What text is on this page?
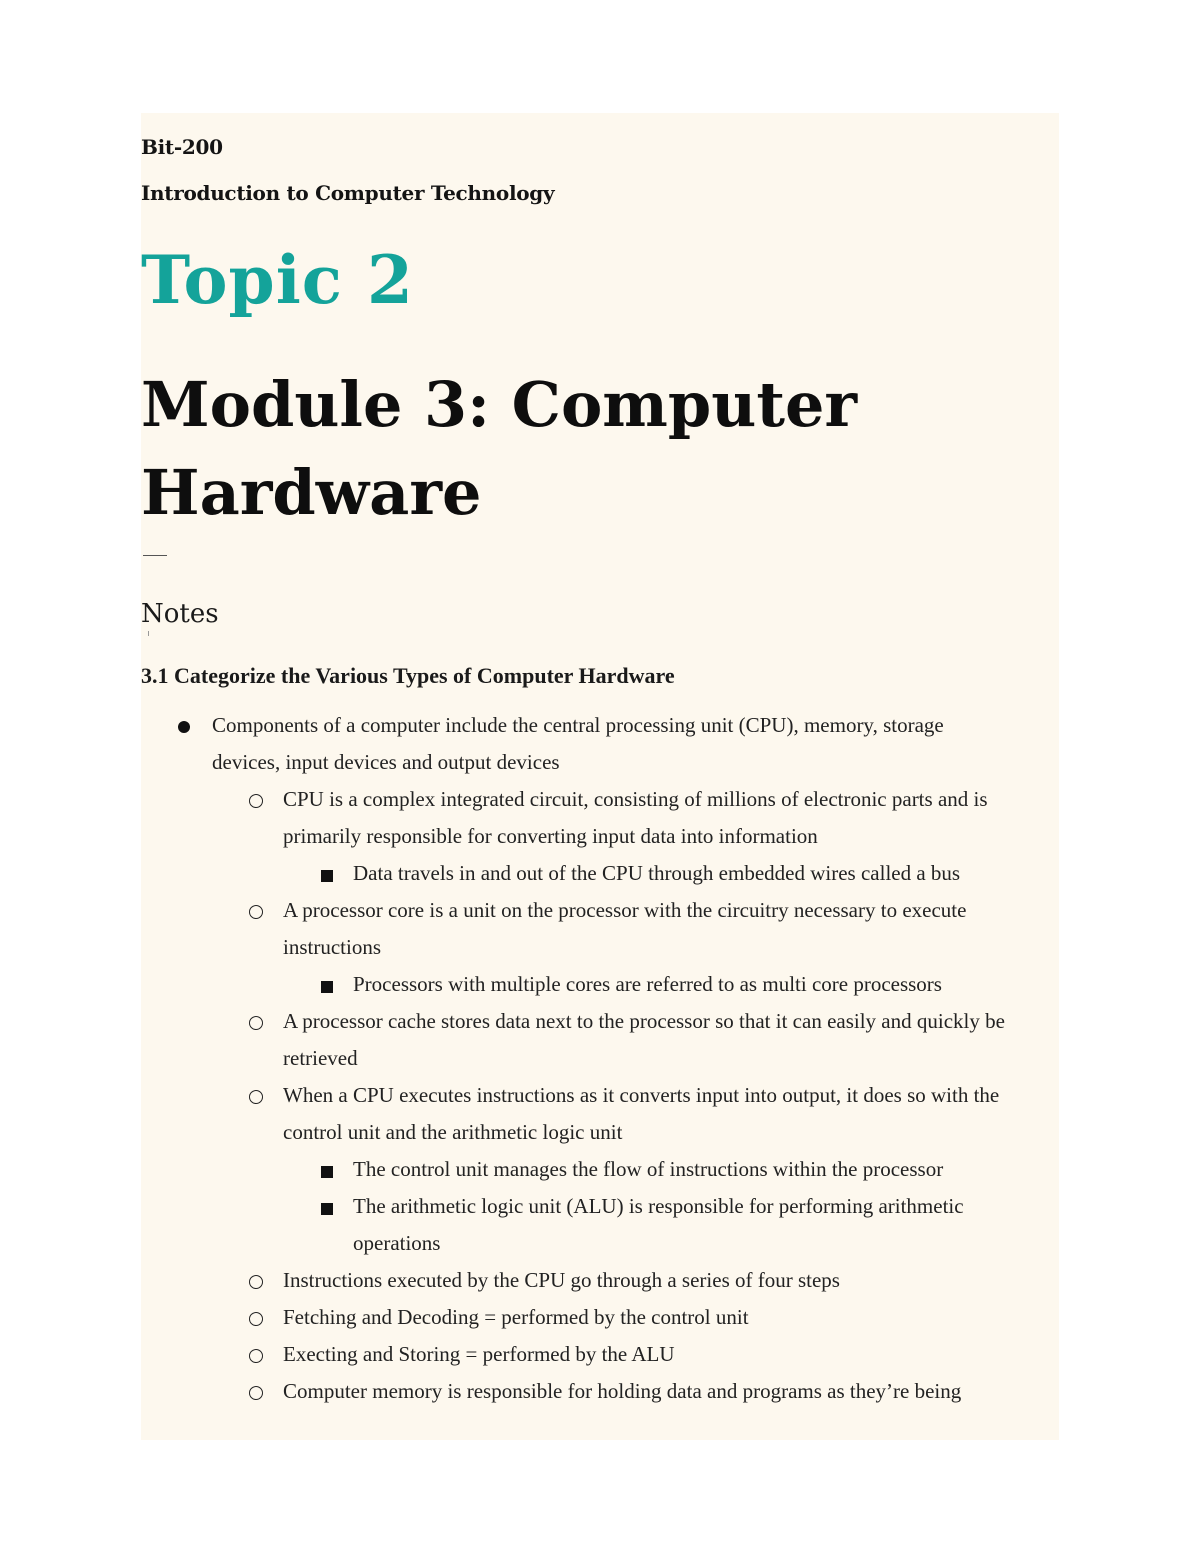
Bit-200

Introduction to Computer Technology

Topic 2
Module 3: Computer Hardware
Notes
3.1 Categorize the Various Types of Computer Hardware
Components of a computer include the central processing unit (CPU), memory, storage devices, input devices and output devices
CPU is a complex integrated circuit, consisting of millions of electronic parts and is primarily responsible for converting input data into information
Data travels in and out of the CPU through embedded wires called a bus
A processor core is a unit on the processor with the circuitry necessary to execute instructions
Processors with multiple cores are referred to as multi core processors
A processor cache stores data next to the processor so that it can easily and quickly be retrieved
When a CPU executes instructions as it converts input into output, it does so with the control unit and the arithmetic logic unit
The control unit manages the flow of instructions within the processor
The arithmetic logic unit (ALU) is responsible for performing arithmetic operations
Instructions executed by the CPU go through a series of four steps
Fetching and Decoding = performed by the control unit
Execting and Storing = performed by the ALU
Computer memory is responsible for holding data and programs as they’re being
